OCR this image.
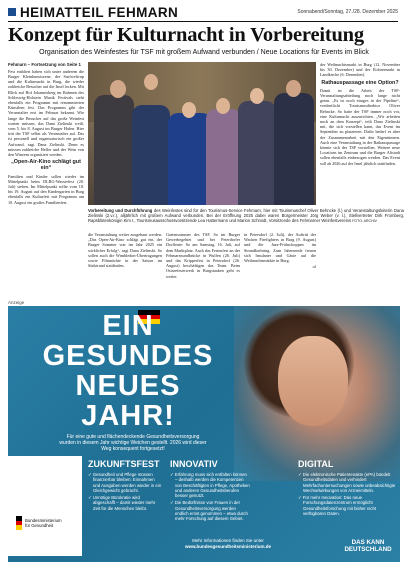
HEIMATTEIL FEHMARN	Sonnabend/Sonntag, 27./28. Dezember 2025
Konzept für Kulturnacht in Vorbereitung
Organisation des Weinfestes für TSF mit großem Aufwand verbunden / Neue Locations für Events im Blick

Fehmarn – Fortsetzung von Seite 1

Fest etabliert haben sich unter anderem die Burger Kleinkunstszene, der Surfweltcup und die Kulturnacht in Burg, die wieder zahlreiche Besucher auf die Insel locken. Mit Blick auf Hof Johannisberg im Rahmen des Schleswig-Holstein Musik Festivals steht ebenfalls ein Programm mit renommierten Künstlern fest. Das Programm gibt der Veranstalter erst im Februar bekannt. Wie lange die Besucher auf das große Weinfest warten müssen, das Dana Zielinski weiß, vom 5. bis 8. August im Burger Hafen. Hier tritt der TSF selbst als Veranstalter auf. Das ist personell und organisatorisch ein großer Aufwand, sagt Dana Zielinski. Denn es müssen zahlreiche Helfer und der Wein von den Winzern organisiert werden.

„Open-Air-Kino schlägt gut ein“

Familien und Kinder sollen wieder im Mittelpunkt beim DLRG-Wasserfest (20. Juli) stehen. Im Mittelpunkt sollte vom 18. bis 19. August auf den Kindergarten in Burg ebenfalls ein Kulturfest mit Programm am 10. August ein großes Familienfest.

Vorbereitung und Durchführung des Weinfestes sind für den Tourismus-Service Fehmarn, hier mit Tourismuschef Oliver Behncke (l.) und Veranstaltungsleiterin Dana Zielinski (2.v.r.), alljährlich mit großem Aufwand verbunden. Bei der Eröffnung 2025 dabei waren Bürgermeister Jörg Weber (v. l.), Stellvertreter Dirk Fromberg, Rapsblütenkönigin Kim I., Tourismusausschussvorsitzende Lea Hattermann und Marion Schmidt, Vorsitzende des Fehmarner Weinfestvereins FOTO: ARCHIV

die Veranstaltung weiter ausgebaut werden. „Das Open-Air-Kino schlägt gut ein, der Burger Sommer war im Jahr 2025 ein wirklicher Erfolg“, sagt Dana Zielinski. So sollen auch die Wimbledon-Übertragungen sowie Filmnächte in der Saison im Südstrand stattfinden.

Gartensommer des TSF. So im Burger Gewerbegebiet und bei Peterdorfer Dorfleute: So am Samstag, 16. Juli, auf dem Marktplatz. Auch das Ferienfest an der Fehmarnsundbrücke in Wulfen (26. Juli) und das Kripperfest in Petersdorf (26. August) beschäftigen das Team. Beim Ostseefeuerwerk in Burgstaaken geht es weiter.

in Petersdorf (2. Juli), der Auftritt der Wacken Firefighters in Burg (9. August) und die Jazz-Frühschoppen im Strandkorbring. Zum Jahresende freuen sich Insulaner und Gäste auf die Weihnachtsmärkte in Burg.

cd

der Weihnachtsmarkt in Burg (12. November bis 30. Dezember) und der Eichenmarkt in Landkirche (6. Dezember).

Rathauspassage eine Option?

Damit ist die Arbeit der TSF-Veranstaltungsabteilung noch lange nicht getan. „Es ist noch einiges in der Pipeline“, verdeutlicht Tourismusdirektor Oliver Behncke. So hatte der TSF immer noch vor, eine Kulturnacht auszurichten. „Wir arbeiten noch an dem Konzept“, teilt Dana Zielinski mit, die sich vorstellen kann, das Event im September zu platzieren. Dafür bedarf es aber der Zusammenarbeit mit den Eigentümern. Auch eine Veranstaltung in der Rathauspassage könnte sich der TSF vorstellen. Weitere neue Locations im Zentrum und die Burger Altstadt sollen ebenfalls einbezogen werden. Das Event soll ab 2026 auf der Insel jährlich stattfinden.

Anzeige
EIN
GESUNDES
NEUES
JAHR!
Für eine gute und flächendeckende Gesundheitsversorgung wurden in diesem Jahr wichtige Weichen gestellt. 2026 wird dieser Weg konsequent fortgesetzt!
Bundesministerium
für Gesundheit
ZUKUNFTSFEST

✓ Gesundheit und Pflege müssen finanzierbar bleiben: Einnahmen und Ausgaben werden wieder in ein Gleichgewicht gebracht.

✓ Unnötige Bürokratie wird abgeschafft – damit wieder mehr Zeit für die Menschen bleibt.

INNOVATIV

✓ Erfahrung muss sich entfalten können – deshalb werden die Kompetenzen von Beschäftigten in Pflege, Apotheken und anderen Gesundheitsberufen besser genutzt.

✓ Die Bedürfnisse von Frauen in der Gesundheitsversorgung werden endlich ernst genommen – etwa durch mehr Forschung auf diesem Gebiet.

DIGITAL

✓ Die elektronische Patientenakte (ePA) bündelt Gesundheitsdaten und verhindert Mehrfachuntersuchungen sowie unbeabsichtigte Wechselwirkungen von Arzneimitteln.

✓ Für mehr Innovation: Das neue Forschungsdatenzentrum ermöglicht Gesundheitsforschung mit bisher nicht verfügbaren Daten.

Mehr Informationen finden Sie unter
www.bundesgesundheitsministerium.de
DAS KANN
DEUTSCHLAND
